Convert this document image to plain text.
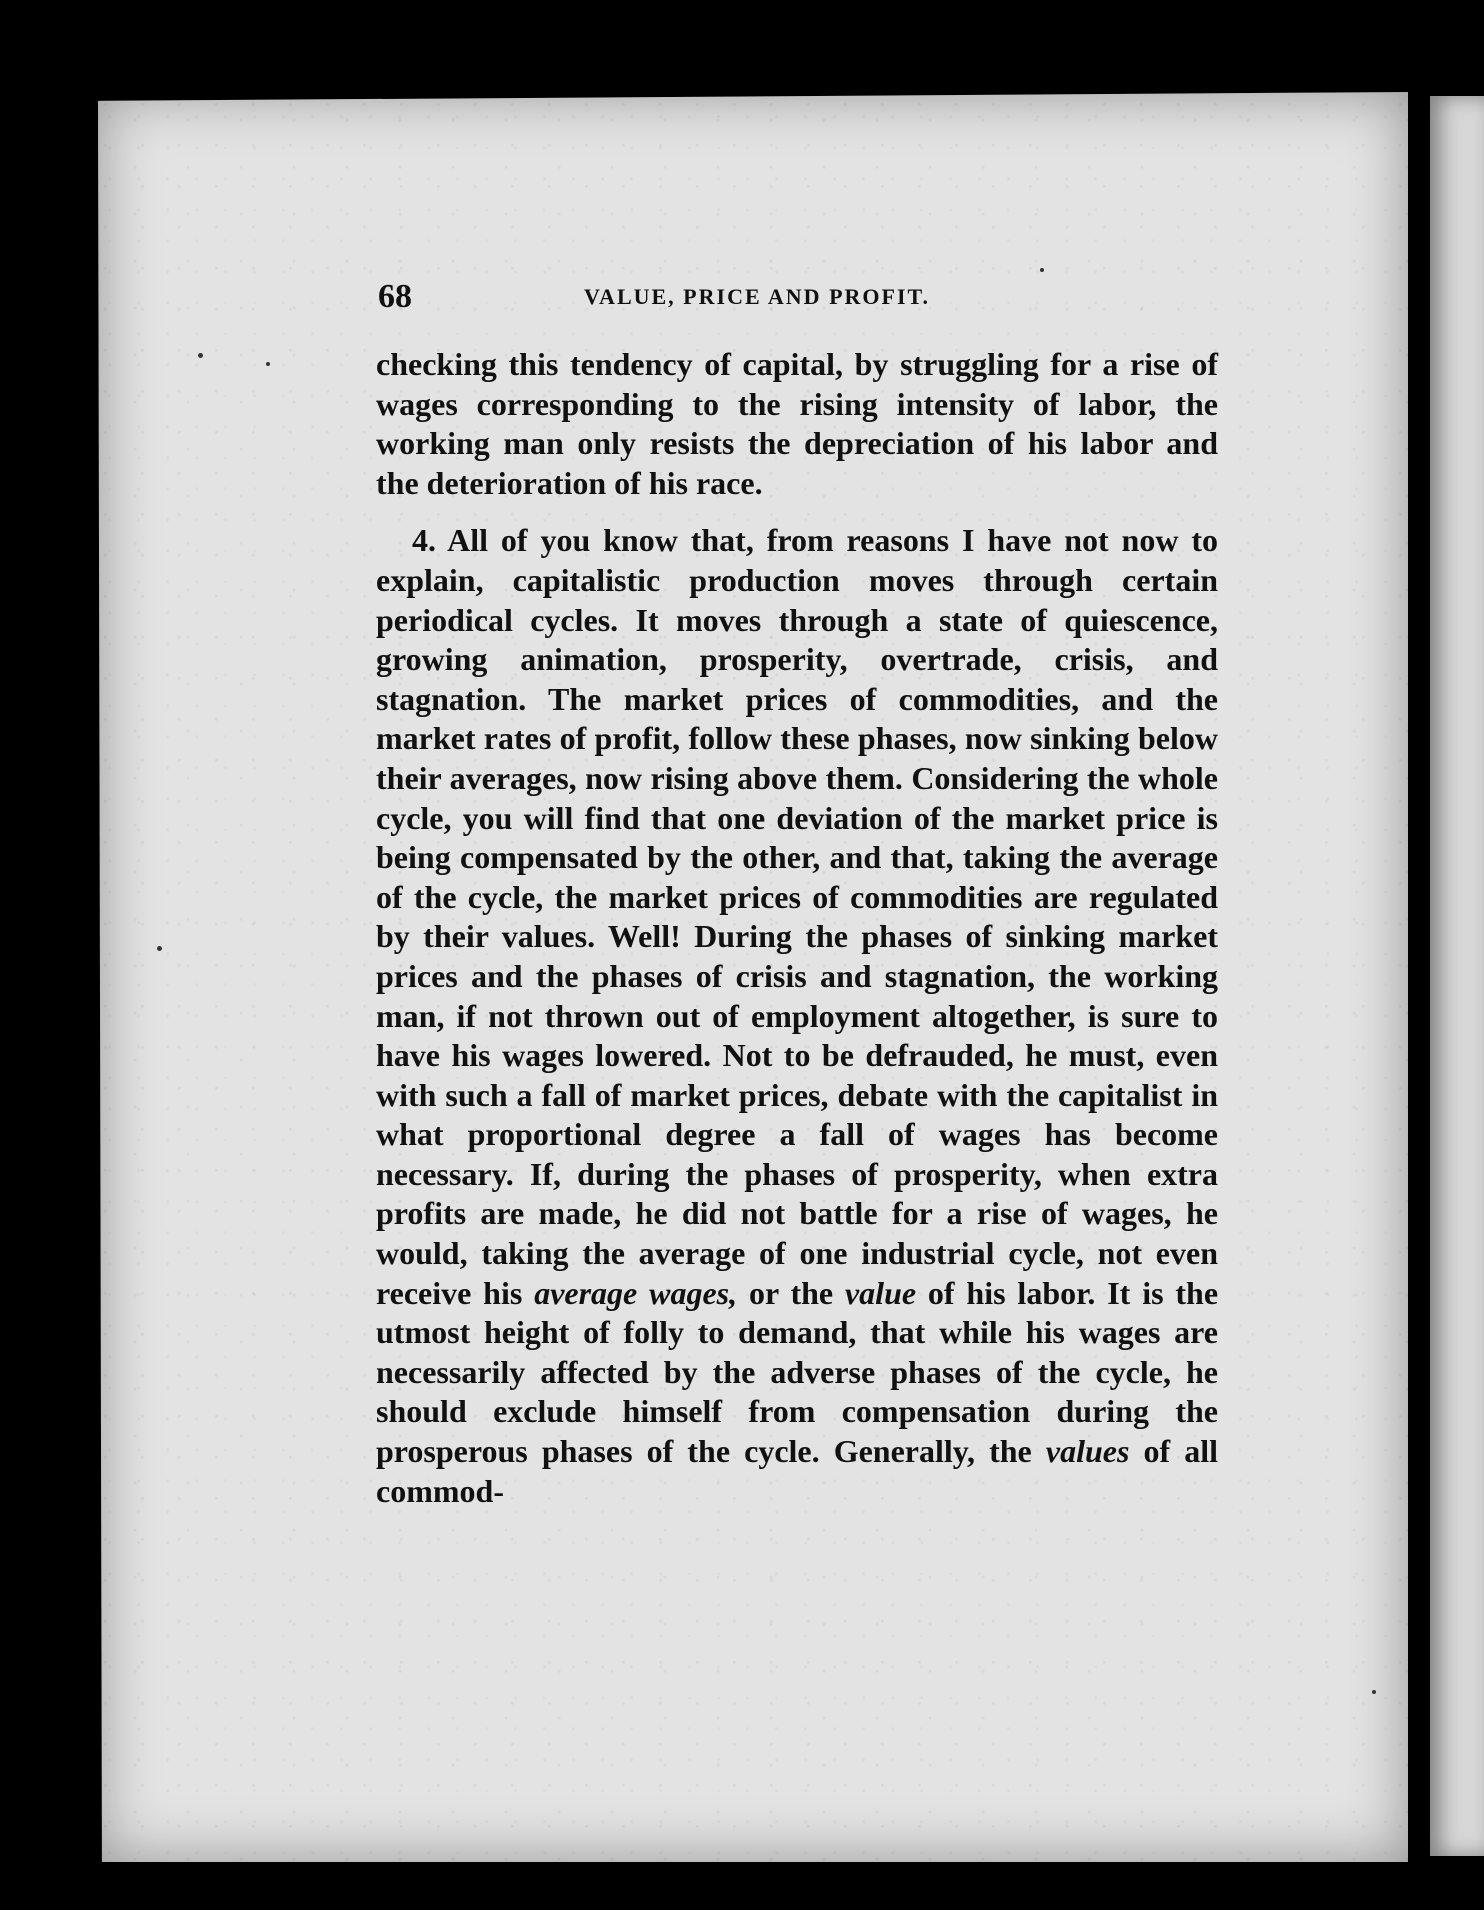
68	VALUE, PRICE AND PROFIT.

checking this tendency of capital, by struggling for a rise of wages corresponding to the rising intensity of labor, the working man only resists the depreciation of his labor and the deterioration of his race.

4. All of you know that, from reasons I have not now to explain, capitalistic production moves through certain periodical cycles. It moves through a state of quiescence, growing animation, prosperity, overtrade, crisis, and stagnation. The market prices of commodities, and the market rates of profit, follow these phases, now sinking below their averages, now rising above them. Considering the whole cycle, you will find that one deviation of the market price is being compensated by the other, and that, taking the average of the cycle, the market prices of commodities are regulated by their values. Well! During the phases of sinking market prices and the phases of crisis and stagnation, the working man, if not thrown out of employment altogether, is sure to have his wages lowered. Not to be defrauded, he must, even with such a fall of market prices, debate with the capitalist in what proportional degree a fall of wages has become necessary. If, during the phases of prosperity, when extra profits are made, he did not battle for a rise of wages, he would, taking the average of one industrial cycle, not even receive his average wages, or the value of his labor. It is the utmost height of folly to demand, that while his wages are necessarily affected by the adverse phases of the cycle, he should exclude himself from compensation during the prosperous phases of the cycle. Generally, the values of all commod-
